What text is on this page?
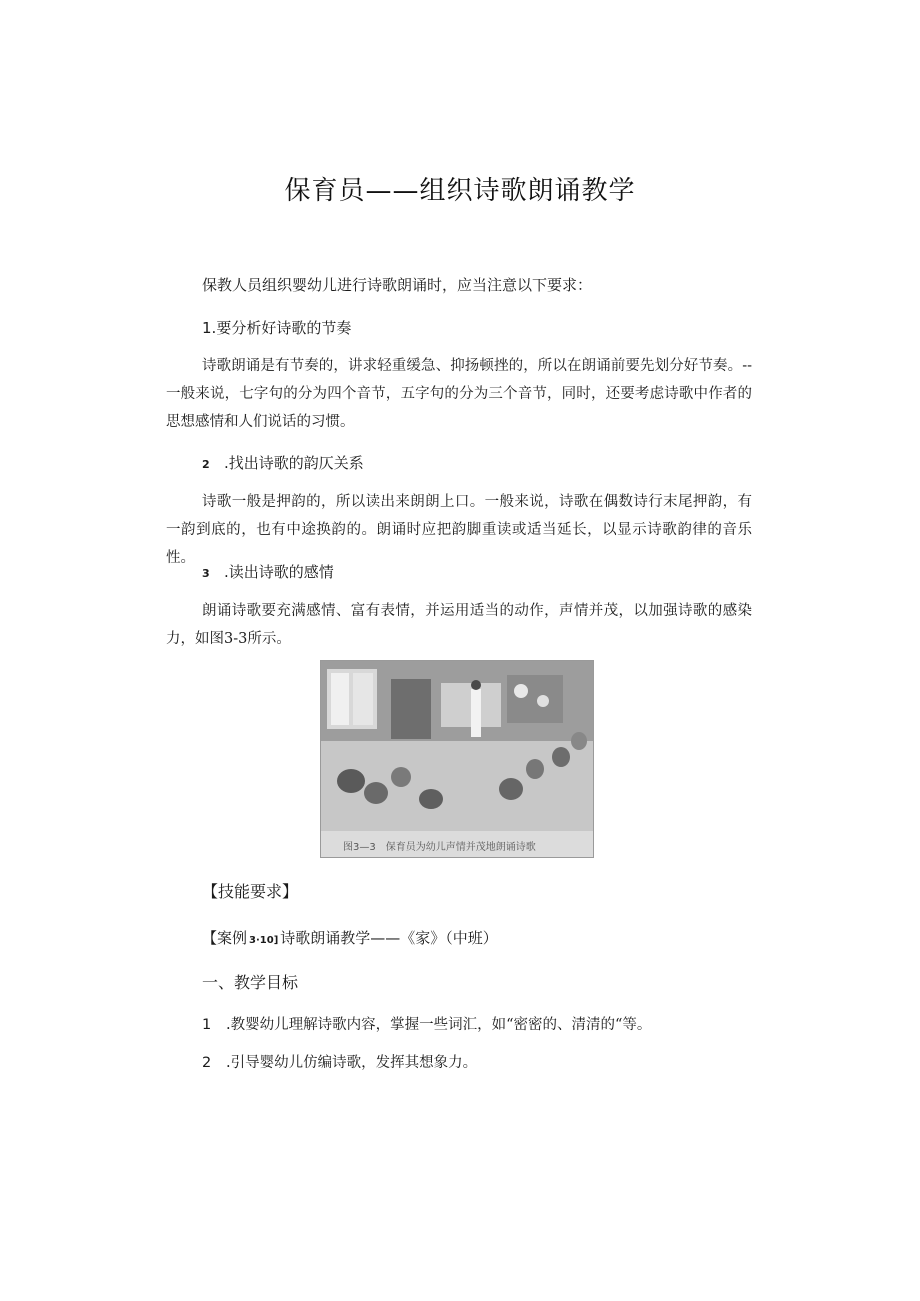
保育员——组织诗歌朗诵教学
保教人员组织婴幼儿进行诗歌朗诵时，应当注意以下要求：
1.要分析好诗歌的节奏
诗歌朗诵是有节奏的，讲求轻重缓急、抑扬顿挫的，所以在朗诵前要先划分好节奏。--一般来说，七字句的分为四个音节，五字句的分为三个音节，同时，还要考虑诗歌中作者的思想感情和人们说话的习惯。
2 .找出诗歌的韵仄关系
诗歌一般是押韵的，所以读出来朗朗上口。一般来说，诗歌在偶数诗行末尾押韵，有一韵到底的，也有中途换韵的。朗诵时应把韵脚重读或适当延长，以显示诗歌韵律的音乐性。
3 .读出诗歌的感情
朗诵诗歌要充满感情、富有表情，并运用适当的动作，声情并茂，以加强诗歌的感染力，如图3-3所示。
图3—3　保育员为幼儿声情并茂地朗诵诗歌
【技能要求】
【案例 3·10] 诗歌朗诵教学——《家》（中班）
一、教学目标
1 .教婴幼儿理解诗歌内容，掌握一些词汇，如“密密的、清清的“等。
2 .引导婴幼儿仿编诗歌，发挥其想象力。
